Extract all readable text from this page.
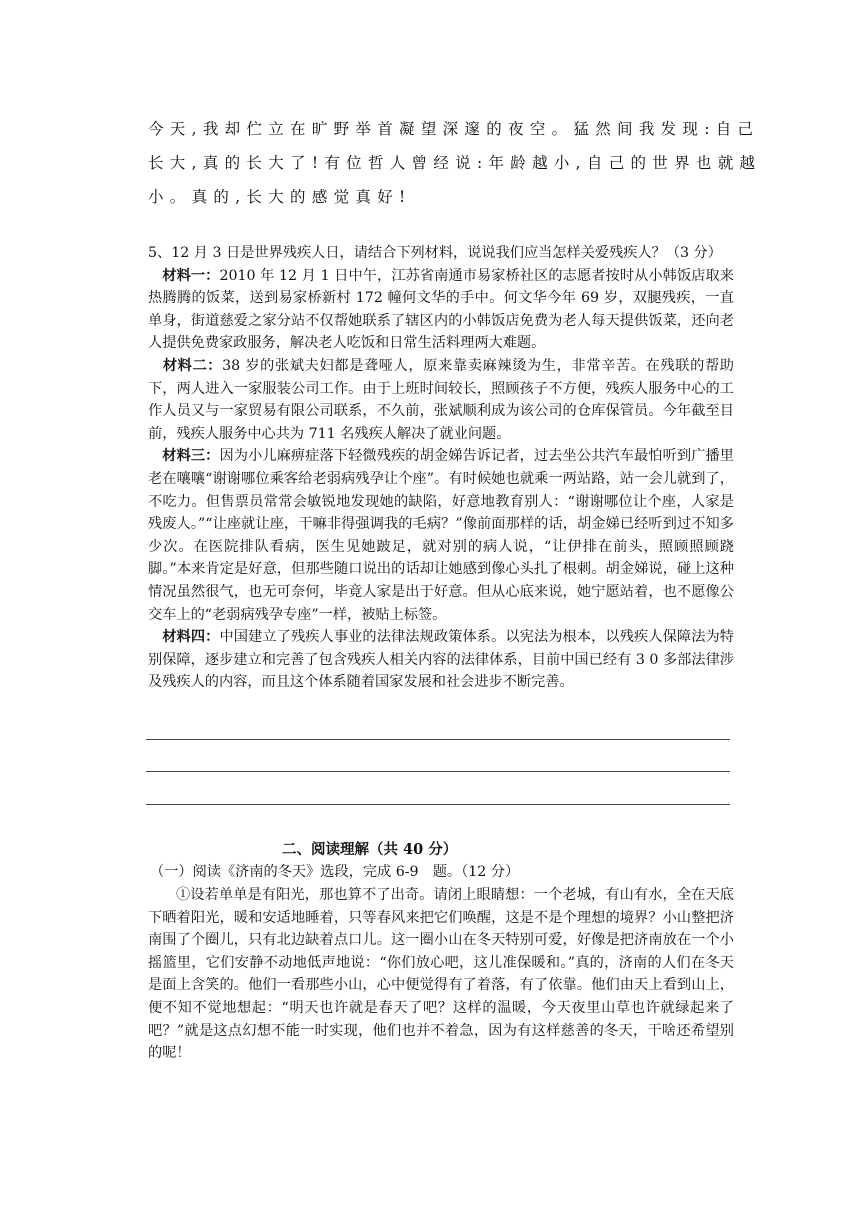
今天,我却伫立在旷野举首凝望深邃的夜空。猛然间我发现:自己
长大,真的长大了!有位哲人曾经说:年龄越小,自己的世界也就越
小。真的,长大的感觉真好!
5、12 月 3 日是世界残疾人日，请结合下列材料，说说我们应当怎样关爱残疾人？（3 分）
　材料一：2010 年 12 月 1 日中午，江苏省南通市易家桥社区的志愿者按时从小韩饭店取来热腾腾的饭菜，送到易家桥新村 172 幢何文华的手中。何文华今年 69 岁，双腿残疾，一直单身，街道慈爱之家分站不仅帮她联系了辖区内的小韩饭店免费为老人每天提供饭菜，还向老人提供免费家政服务，解决老人吃饭和日常生活料理两大难题。
　材料二：38 岁的张斌夫妇都是聋哑人，原来靠卖麻辣烫为生，非常辛苦。在残联的帮助下，两人进入一家服装公司工作。由于上班时间较长，照顾孩子不方便，残疾人服务中心的工作人员又与一家贸易有限公司联系，不久前，张斌顺利成为该公司的仓库保管员。今年截至目前，残疾人服务中心共为 711 名残疾人解决了就业问题。
　材料三：因为小儿麻痹症落下轻微残疾的胡金娣告诉记者，过去坐公共汽车最怕听到广播里老在嚷嚷“谢谢哪位乘客给老弱病残孕让个座”。有时候她也就乘一两站路，站一会儿就到了，不吃力。但售票员常常会敏锐地发现她的缺陷，好意地教育别人：“谢谢哪位让个座，人家是残废人。”“让座就让座，干嘛非得强调我的毛病？”像前面那样的话，胡金娣已经听到过不知多少次。在医院排队看病，医生见她跛足，就对别的病人说，“让伊排在前头，照顾照顾跷脚。”本来肯定是好意，但那些随口说出的话却让她感到像心头扎了根刺。胡金娣说，碰上这种情况虽然很气，也无可奈何，毕竟人家是出于好意。但从心底来说，她宁愿站着，也不愿像公交车上的“老弱病残孕专座”一样，被贴上标签。
　材料四：中国建立了残疾人事业的法律法规政策体系。以宪法为根本，以残疾人保障法为特别保障，逐步建立和完善了包含残疾人相关内容的法律体系，目前中国已经有 3 0 多部法律涉及残疾人的内容，而且这个体系随着国家发展和社会进步不断完善。
二、阅读理解（共 40 分）
（一）阅读《济南的冬天》选段，完成 6-9　题。（12 分）
①设若单单是有阳光，那也算不了出奇。请闭上眼睛想：一个老城，有山有水，全在天底下晒着阳光，暖和安适地睡着，只等春风来把它们唤醒，这是不是个理想的境界？小山整把济南围了个圈儿，只有北边缺着点口儿。这一圈小山在冬天特别可爱，好像是把济南放在一个小摇篮里，它们安静不动地低声地说：“你们放心吧，这儿准保暖和。”真的，济南的人们在冬天是面上含笑的。他们一看那些小山，心中便觉得有了着落，有了依靠。他们由天上看到山上，便不知不觉地想起：“明天也许就是春天了吧？这样的温暖，今天夜里山草也许就绿起来了吧？”就是这点幻想不能一时实现，他们也并不着急，因为有这样慈善的冬天，干啥还希望别的呢！
